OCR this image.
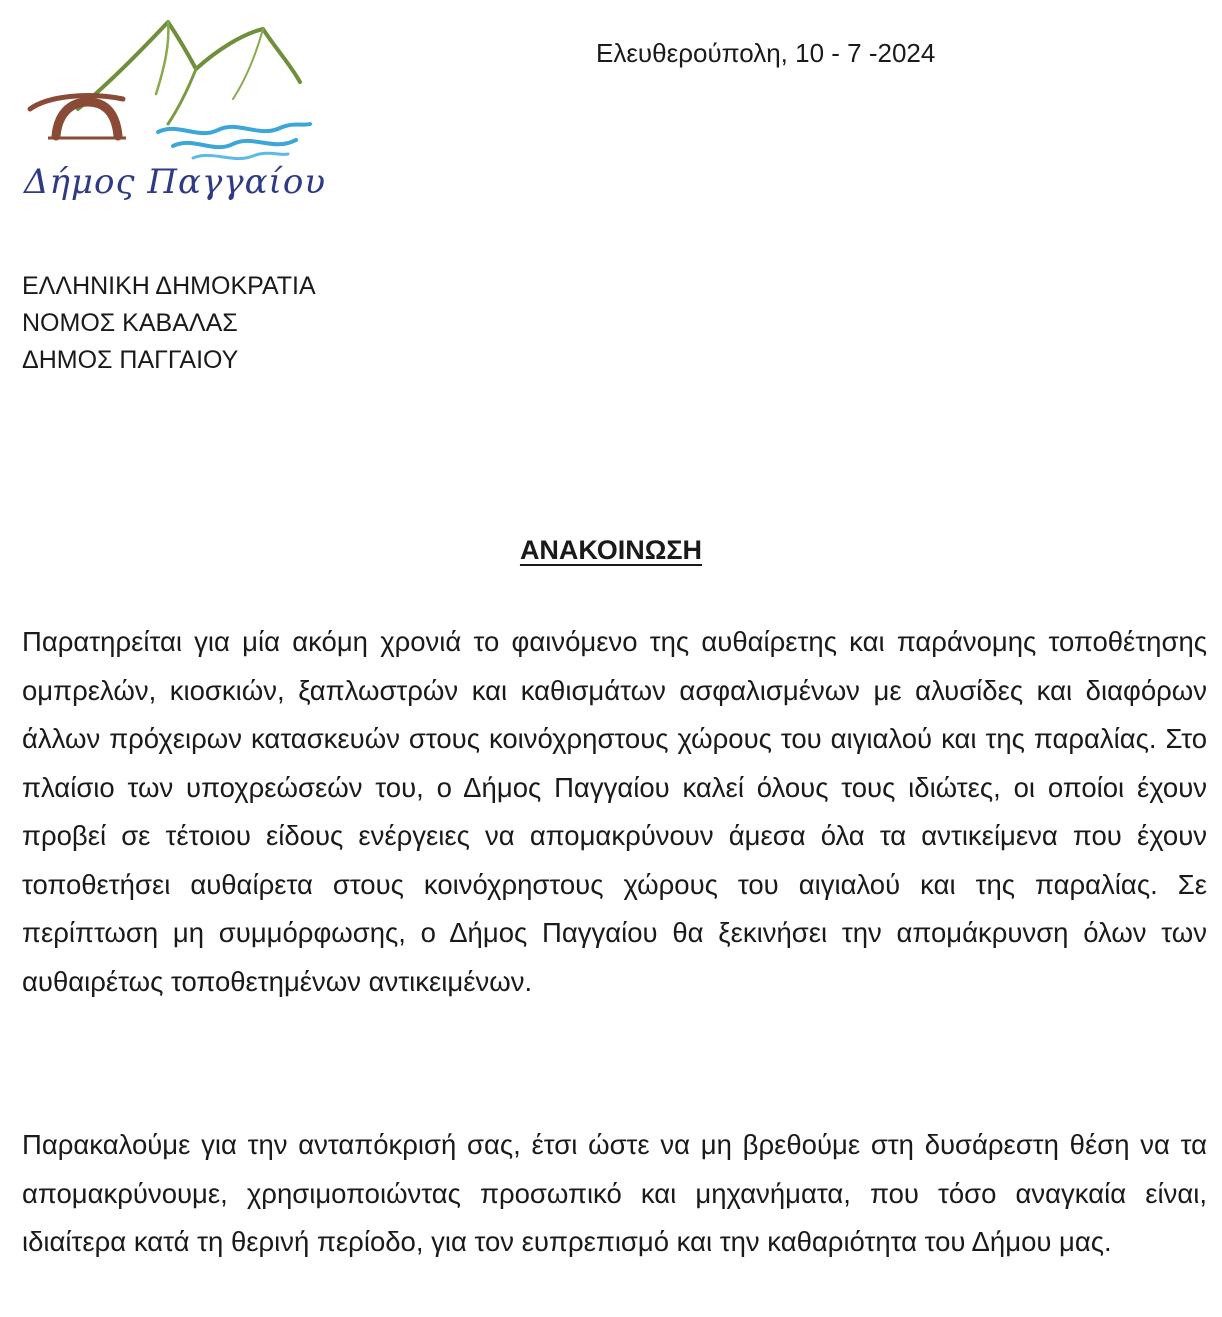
Δήμος Παγγαίου
Ελευθερούπολη, 10 - 7 -2024
ΕΛΛΗΝΙΚΗ ΔΗΜΟΚΡΑΤΙΑ
ΝΟΜΟΣ ΚΑΒΑΛΑΣ
ΔΗΜΟΣ ΠΑΓΓΑΙΟΥ
ΑΝΑΚΟΙΝΩΣΗ

Παρατηρείται για μία ακόμη χρονιά το φαινόμενο της αυθαίρετης και παράνομης τοποθέτησης ομπρελών, κιοσκιών, ξαπλωστρών και καθισμάτων ασφαλισμένων με αλυσίδες και διαφόρων άλλων πρόχειρων κατασκευών στους κοινόχρηστους χώρους του αιγιαλού και της παραλίας. Στο πλαίσιο των υποχρεώσεών του, ο Δήμος Παγγαίου καλεί όλους τους ιδιώτες, οι οποίοι έχουν προβεί σε τέτοιου είδους ενέργειες να απομακρύνουν άμεσα όλα τα αντικείμενα που έχουν τοποθετήσει αυθαίρετα στους κοινόχρηστους χώρους του αιγιαλού και της παραλίας. Σε περίπτωση μη συμμόρφωσης, ο Δήμος Παγγαίου θα ξεκινήσει την απομάκρυνση όλων των αυθαιρέτως τοποθετημένων αντικειμένων.

Παρακαλούμε για την ανταπόκρισή σας, έτσι ώστε να μη βρεθούμε στη δυσάρεστη θέση να τα απομακρύνουμε, χρησιμοποιώντας προσωπικό και μηχανήματα, που τόσο αναγκαία είναι, ιδιαίτερα κατά τη θερινή περίοδο, για τον ευπρεπισμό και την καθαριότητα του Δήμου μας.
